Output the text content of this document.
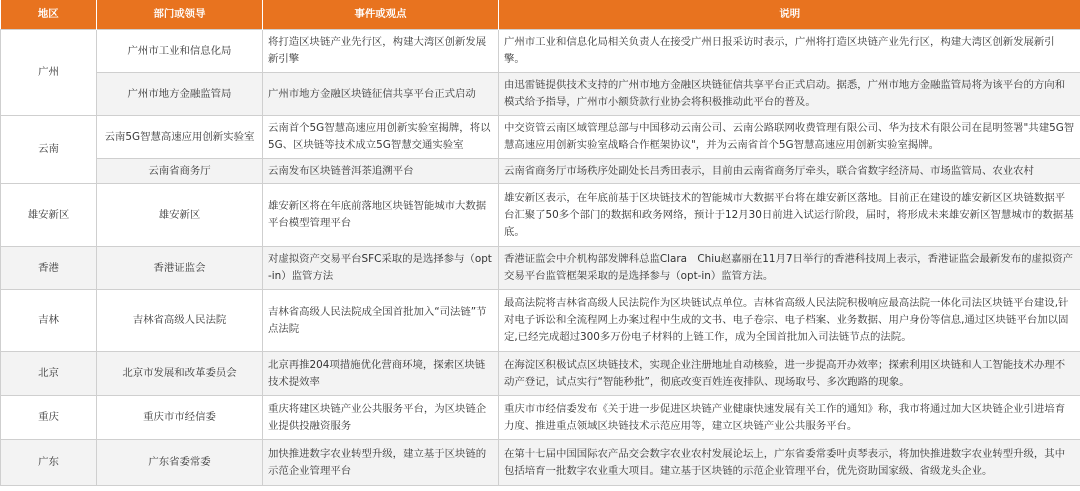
地区	部门或领导	事件或观点	说明
广州	广州市工业和信息化局	将打造区块链产业先行区，构建大湾区创新发展新引擎	广州市工业和信息化局相关负责人在接受广州日报采访时表示，广州将打造区块链产业先行区，构建大湾区创新发展新引擎。
	广州市地方金融监管局	广州市地方金融区块链征信共享平台正式启动	由迅雷链提供技术支持的广州市地方金融区块链征信共享平台正式启动。据悉，广州市地方金融监管局将为该平台的方向和模式给予指导，广州市小额贷款行业协会将积极推动此平台的普及。
云南	云南5G智慧高速应用创新实验室	云南首个5G智慧高速应用创新实验室揭牌，将以5G、区块链等技术成立5G智慧交通实验室	中交资管云南区域管理总部与中国移动云南公司、云南公路联网收费管理有限公司、华为技术有限公司在昆明签署"共建5G智慧高速应用创新实验室战略合作框架协议"，并为云南省首个5G智慧高速应用创新实验室揭牌。
	云南省商务厅	云南发布区块链普洱茶追溯平台	云南省商务厅市场秩序处副处长吕秀田表示，目前由云南省商务厅牵头，联合省数字经济局、市场监管局、农业农村
雄安新区	雄安新区	雄安新区将在年底前落地区块链智能城市大数据平台模型管理平台	雄安新区表示，在年底前基于区块链技术的智能城市大数据平台将在雄安新区落地。目前正在建设的雄安新区区块链数据平台汇聚了50多个部门的数据和政务网络，预计于12月30日前进入试运行阶段，届时，将形成未来雄安新区智慧城市的数据基底。
香港	香港证监会	对虚拟资产交易平台SFC采取的是选择参与（opt-in）监管方法	香港证监会中介机构部发牌科总监Clara　Chiu赵嘉丽在11月7日举行的香港科技周上表示，香港证监会最新发布的虚拟资产交易平台监管框架采取的是选择参与（opt-in）监管方法。
吉林	吉林省高级人民法院	吉林省高级人民法院成全国首批加入“司法链”节点法院	最高法院将吉林省高级人民法院作为区块链试点单位。吉林省高级人民法院积极响应最高法院一体化司法区块链平台建设,针对电子诉讼和全流程网上办案过程中生成的文书、电子卷宗、电子档案、业务数据、用户身份等信息,通过区块链平台加以固定,已经完成超过300多万份电子材料的上链工作，成为全国首批加入司法链节点的法院。
北京	北京市发展和改革委员会	北京再推204项措施优化营商环境，探索区块链技术提效率	在海淀区积极试点区块链技术，实现企业注册地址自动核验，进一步提高开办效率；探索利用区块链和人工智能技术办理不动产登记，试点实行“智能秒批”，彻底改变百姓连夜排队、现场取号、多次跑路的现象。
重庆	重庆市市经信委	重庆将建区块链产业公共服务平台，为区块链企业提供投融资服务	重庆市市经信委发布《关于进一步促进区块链产业健康快速发展有关工作的通知》称，我市将通过加大区块链企业引进培育力度、推进重点领域区块链技术示范应用等，建立区块链产业公共服务平台。
广东	广东省委常委	加快推进数字农业转型升级，建立基于区块链的示范企业管理平台	在第十七届中国国际农产品交会数字农业农村发展论坛上，广东省委常委叶贞琴表示，将加快推进数字农业转型升级，其中包括培育一批数字农业重大项目。建立基于区块链的示范企业管理平台，优先资助国家级、省级龙头企业。
